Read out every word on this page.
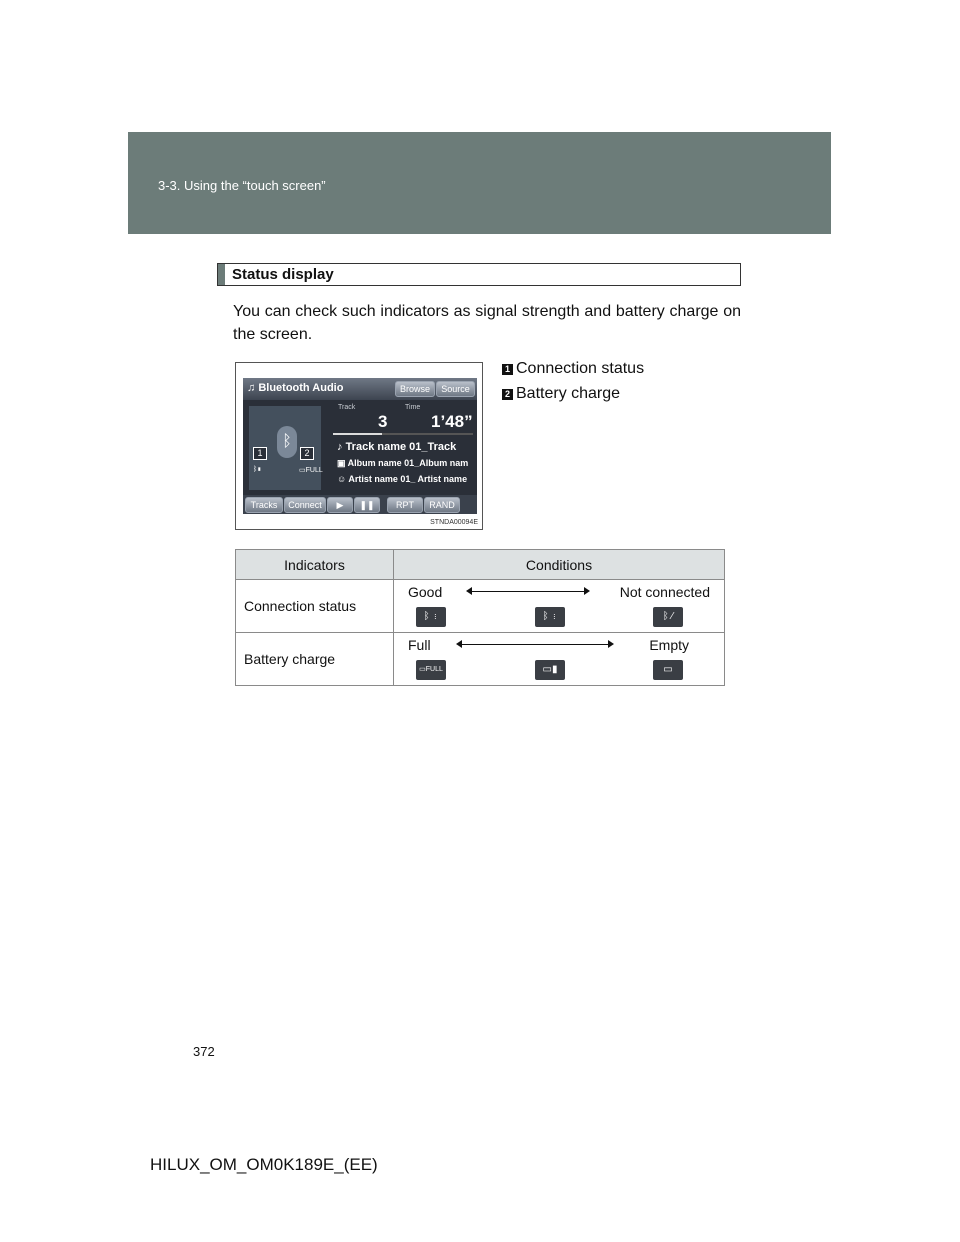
3-3. Using the “touch screen”
Status display
You can check such indicators as signal strength and battery charge on the screen.
♫ Bluetooth Audio	Browse	Source
ᛒ
ᛒ▮	▭FULL
1	2
Track	Time
3	1’48”
♪ Track name 01_Track
▣ Album name 01_Album nam
☺ Artist name 01_ Artist name
Tracks	Connect	▶	❚❚	RPT	RAND
STNDA00094E
1 Connection status
2 Battery charge
Indicators	Conditions
Connection status	Good Not connected
ᛒ ⋮ ᛒ ⋮ ᛒ ⁄

Battery charge	Full Empty
▭FULL ▭▮ ▭
372
HILUX_OM_OM0K189E_(EE)
